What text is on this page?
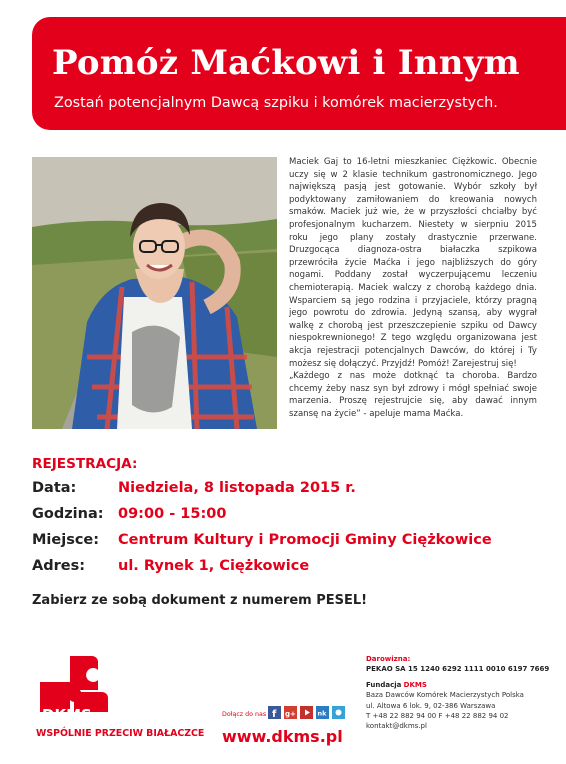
Pomóż Maćkowi i Innym

Zostań potencjalnym Dawcą szpiku i komórek macierzystych.

Maciek Gaj to 16-letni mieszkaniec Ciężkowic. Obecnie uczy się w 2 klasie technikum gastronomicznego. Jego największą pasją jest gotowanie. Wybór szkoły był podyktowany zamiłowaniem do kreowania nowych smaków. Maciek już wie, że w przyszłości chciałby być profesjonalnym kucharzem. Niestety w sierpniu 2015 roku jego plany zostały drastycznie przerwane. Druzgocąca diagnoza-ostra białaczka szpikowa przewróciła życie Maćka i jego najbliższych do góry nogami. Poddany został wyczerpującemu leczeniu chemioterapią. Maciek walczy z chorobą każdego dnia. Wsparciem są jego rodzina i przyjaciele, którzy pragną jego powrotu do zdrowia. Jedyną szansą, aby wygrał walkę z chorobą jest przeszczepienie szpiku od Dawcy niespokrewnionego! Z tego względu organizowana jest akcja rejestracji potencjalnych Dawców, do której i Ty możesz się dołączyć. Przyjdź! Pomóż! Zarejestruj się!

„Każdego z nas może dotknąć ta choroba. Bardzo chcemy żeby nasz syn był zdrowy i mógł spełniać swoje marzenia. Proszę rejestrujcie się, aby dawać innym szansę na życie” - apeluje mama Maćka.

REJESTRACJA:
Data:	Niedziela, 8 listopada 2015 r.
Godzina: 09:00 - 15:00
Miejsce: Centrum Kultury i Promocji Gminy Ciężkowice
Adres: ul. Rynek 1, Ciężkowice

Zabierz ze sobą dokument z numerem PESEL!

DKMS

WSPÓLNIE PRZECIW BIAŁACZCE

Dołącz do nas f g+	nk

www.dkms.pl

Darowizna:
PEKAO SA 15 1240 6292 1111 0010 6197 7669
Fundacja DKMS
Baza Dawców Komórek Macierzystych Polska
ul. Altowa 6 lok. 9, 02-386 Warszawa
T +48 22 882 94 00 F +48 22 882 94 02
kontakt@dkms.pl
